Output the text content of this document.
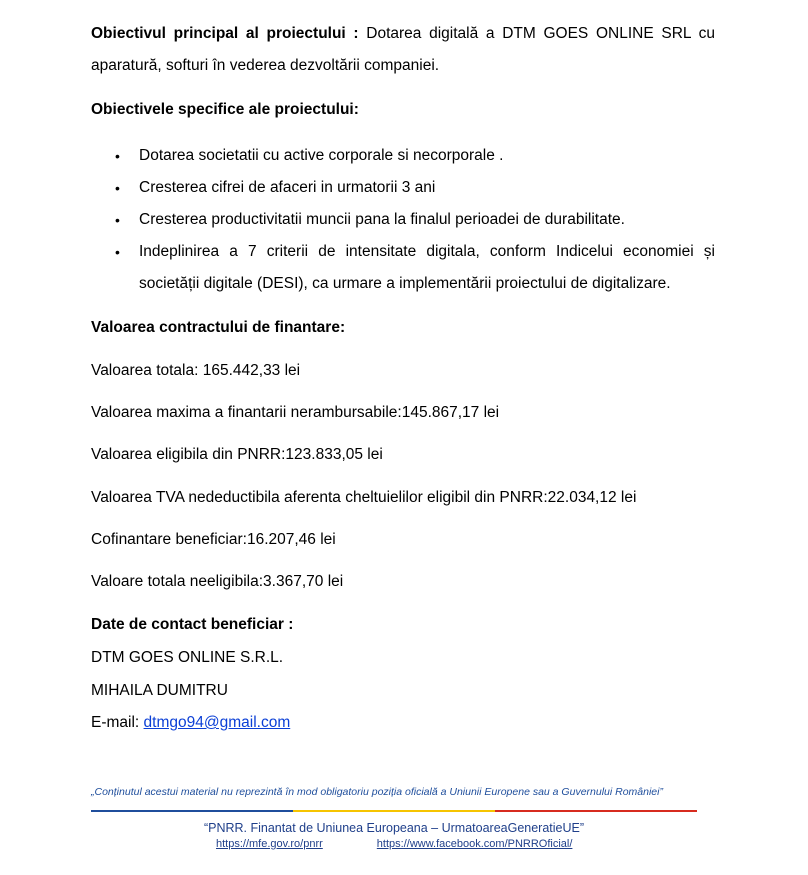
Obiectivul principal al proiectului : Dotarea digitală a DTM GOES ONLINE SRL cu aparatură, softuri în vederea dezvoltării companiei.

Obiectivele specifice ale proiectului:

• Dotarea societatii cu active corporale si necorporale .
• Cresterea cifrei de afaceri in urmatorii 3 ani
• Cresterea productivitatii muncii pana la finalul perioadei de durabilitate.
• Indeplinirea a 7 criterii de intensitate digitala, conform Indicelui economiei și societății digitale (DESI), ca urmare a implementării proiectului de digitalizare.

Valoarea contractului de finantare:

Valoarea totala: 165.442,33 lei

Valoarea maxima a finantarii nerambursabile:145.867,17 lei

Valoarea eligibila din PNRR:123.833,05 lei

Valoarea TVA nedeductibila aferenta cheltuielilor eligibil din PNRR:22.034,12 lei

Cofinantare beneficiar:16.207,46 lei

Valoare totala neeligibila:3.367,70 lei

Date de contact beneficiar :

DTM GOES ONLINE S.R.L.

MIHAILA DUMITRU

E-mail: dtmgo94@gmail.com

„Conținutul acestui material nu reprezintă în mod obligatoriu poziția oficială a Uniunii Europene sau a Guvernului României”
“PNRR. Finantat de Uniunea Europeana – UrmatoareaGeneratieUE”
https://mfe.gov.ro/pnrr	https://www.facebook.com/PNRROficial/
